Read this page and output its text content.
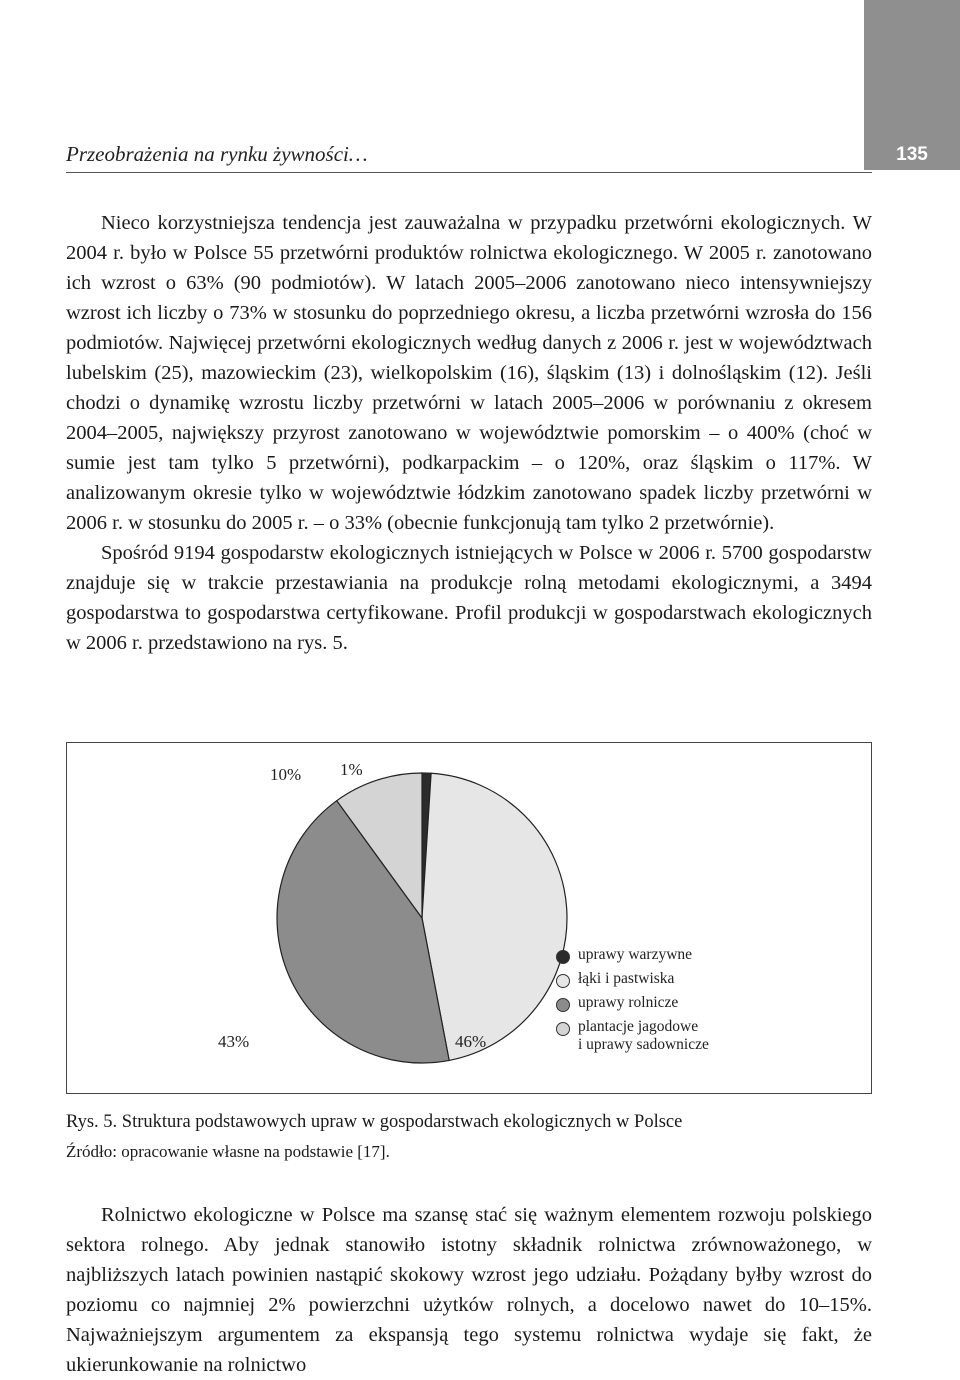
135
Przeobrażenia na rynku żywności…

Nieco korzystniejsza tendencja jest zauważalna w przypadku przetwórni ekologicznych. W 2004 r. było w Polsce 55 przetwórni produktów rolnictwa ekologicznego. W 2005 r. zanotowano ich wzrost o 63% (90 podmiotów). W latach 2005–2006 zanotowano nieco intensywniejszy wzrost ich liczby o 73% w stosunku do poprzedniego okresu, a liczba przetwórni wzrosła do 156 podmiotów. Najwięcej przetwórni ekologicznych według danych z 2006 r. jest w województwach lubelskim (25), mazowieckim (23), wielkopolskim (16), śląskim (13) i dolnośląskim (12). Jeśli chodzi o dynamikę wzrostu liczby przetwórni w latach 2005–2006 w porównaniu z okresem 2004–2005, największy przyrost zanotowano w województwie pomorskim – o 400% (choć w sumie jest tam tylko 5 przetwórni), podkarpackim – o 120%, oraz śląskim o 117%. W analizowanym okresie tylko w województwie łódzkim zanotowano spadek liczby przetwórni w 2006 r. w stosunku do 2005 r. – o 33% (obecnie funkcjonują tam tylko 2 przetwórnie).

Spośród 9194 gospodarstw ekologicznych istniejących w Polsce w 2006 r. 5700 gospodarstw znajduje się w trakcie przestawiania na produkcje rolną metodami ekologicznymi, a 3494 gospodarstwa to gospodarstwa certyfikowane. Profil produkcji w gospodarstwach ekologicznych w 2006 r. przedstawiono na rys. 5.

1%
46%
43%
10%
uprawy warzywne
łąki i pastwiska
uprawy rolnicze
plantacje jagodowe
i uprawy sadownicze
Rys. 5. Struktura podstawowych upraw w gospodarstwach ekologicznych w Polsce
Źródło: opracowanie własne na podstawie [17].

Rolnictwo ekologiczne w Polsce ma szansę stać się ważnym elementem rozwoju polskiego sektora rolnego. Aby jednak stanowiło istotny składnik rolnictwa zrównoważonego, w najbliższych latach powinien nastąpić skokowy wzrost jego udziału. Pożądany byłby wzrost do poziomu co najmniej 2% powierzchni użytków rolnych, a docelowo nawet do 10–15%. Najważniejszym argumentem za ekspansją tego systemu rolnictwa wydaje się fakt, że ukierunkowanie na rolnictwo
